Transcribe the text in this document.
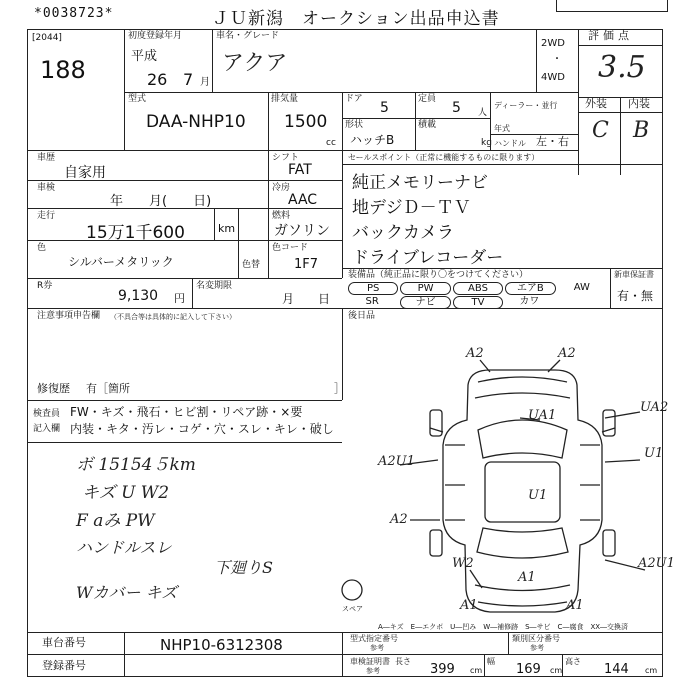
*0038723*	ＪＵ新潟　オークション出品申込書
[2044]
188
初度登録年月
平成
26 7 月
車名・グレード
アクア
2WD
・
4WD
評価点
3.5
外装 内装
C B
型式
DAA-NHP10
排気量
1500
cc
ドア
5
定員
5 人
形状
ハッチB
積載
kg
ディーラー・並行
年式
ハンドル 左・右
車歴
自家用
シフト
FAT
セールスポイント（正常に機能するものに限ります）
純正メモリーナビ
地デジＤ－ＴＶ
バックカメラ
ドライブレコーダー
車検
年　　月(　　日)
冷房
AAC
走行
15万1千600	km
燃料
ガソリン
色
シルバーメタリック	色替
色コード
1F7
装備品（純正品に限り〇をつけてください）	新車保証書
有・無
PS	PW	ABS	エアB	AW
SR	ナビ	TV	カワ
R券
9,130 円
名変期限
月　　日
注意事項申告欄 （不具合等は具体的に記入して下さい）	後日品
修復歴 有［箇所	］
検査員
記入欄
FW・キズ・飛石・ヒビ割・リペア跡・×要
内装・キタ・汚レ・コゲ・穴・スレ・キレ・破し
ボ 15154５km
キズ U W2
F aみ PW
ハンドルスレ
下廻りS
Wカバー キズ
A2	A2
UA1
UA2
A2U1
U1
U1
A2
W2
A1
A1
A2U1
A1
スペア
A―キズ　E―エクボ　U―凹み　W―補修跡　S―サビ　C―腐食　XX―交換済
車台番号	NHP10-6312308
登録番号
型式指定番号
参考
類別区分番号
参考
車検証明書
参考
長さ
399 cm
幅
169 cm
高さ
144 cm
